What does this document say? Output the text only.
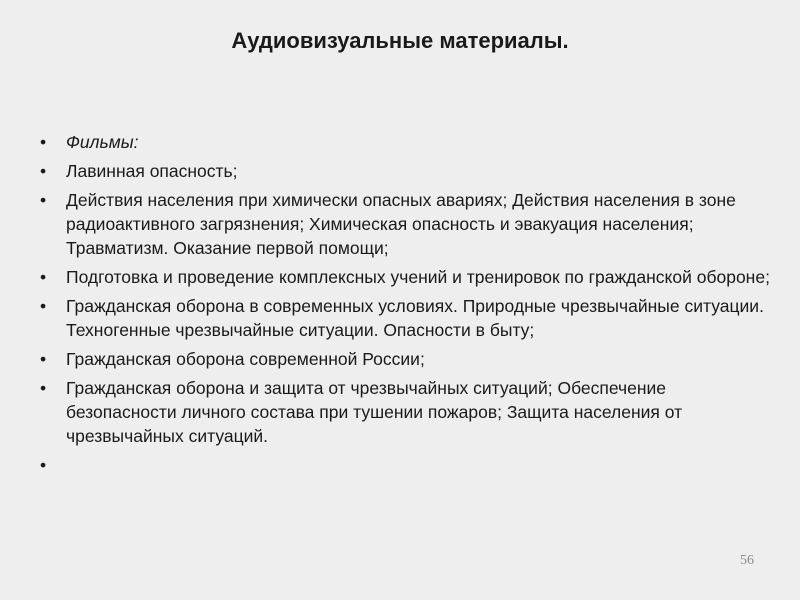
Аудиовизуальные материалы.
•	Фильмы:
•	Лавинная опасность;
•	Действия населения при химически опасных авариях; Действия населения в зоне радиоактивного загрязнения; Химическая опасность и эвакуация населения; Травматизм. Оказание первой помощи;
•	Подготовка и проведение комплексных учений и тренировок по гражданской обороне;
•	Гражданская оборона в современных условиях. Природные чрезвычайные ситуации. Техногенные чрезвычайные ситуации. Опасности в быту;
•	Гражданская оборона современной России;
•	Гражданская оборона и защита от чрезвычайных ситуаций; Обеспечение безопасности личного состава при тушении пожаров; Защита населения от чрезвычайных ситуаций.
•
56
